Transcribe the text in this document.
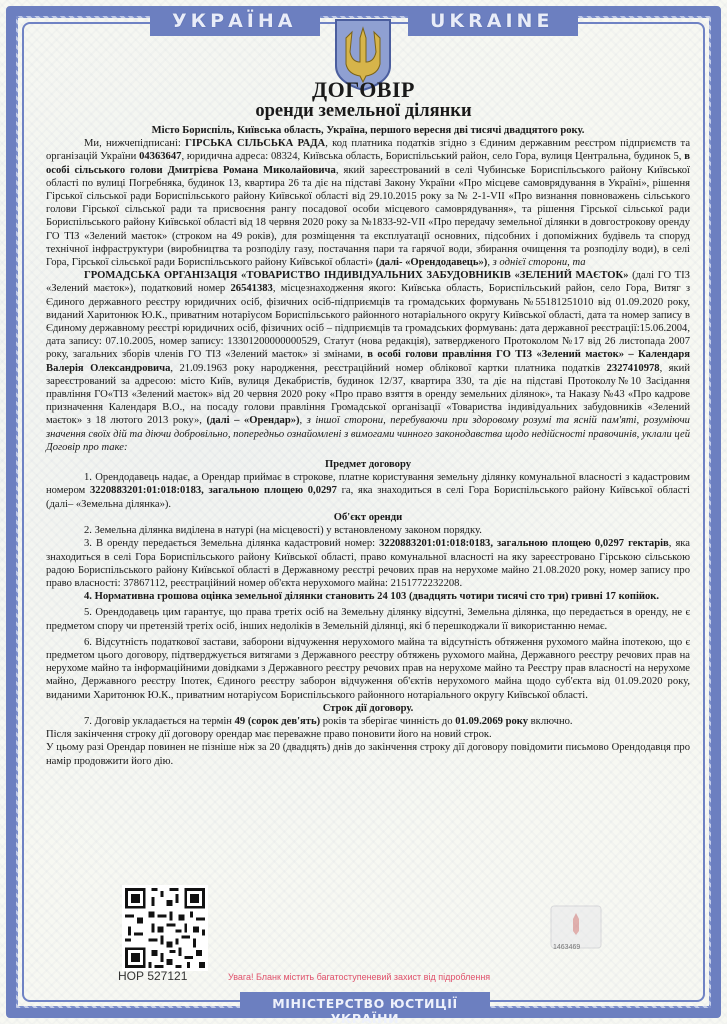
УКРАЇНА	UKRAINE
ДОГОВІР
оренди земельної ділянки

Місто Бориспіль, Київська область, Україна, першого вересня дві тисячі двадцятого року.

Ми, нижчепідписані: ГІРСЬКА СІЛЬСЬКА РАДА, код платника податків згідно з Єдиним державним реєстром підприємств та організацій України 04363647, юридична адреса: 08324, Київська область, Бориспільський район, село Гора, вулиця Центральна, будинок 5, в особі сільського голови Дмитрієва Романа Миколайовича, який зареєстрований в селі Чубинське Бориспільського району Київської області по вулиці Погребняка, будинок 13, квартира 26 та діє на підставі Закону України «Про місцеве самоврядування в Україні», рішення Гірської сільської ради Бориспільського району Київської області від 29.10.2015 року за № 2-1-VII «Про визнання повноважень сільського голови Гірської сільської ради та присвоєння рангу посадової особи місцевого самоврядування», та рішення Гірської сільської ради Бориспільського району Київської області від 18 червня 2020 року за №1833-92-VII «Про передачу земельної ділянки в довгострокову оренду ГО ТІЗ «Зелений маєток» (строком на 49 років), для розміщення та експлуатації основних, підсобних і допоміжних будівель та споруд технічної інфраструктури (виробництва та розподілу газу, постачання пари та гарячої води, збирання очищення та розподілу води), в селі Гора, Гірської сільської ради Бориспільського району Київської області» (далі- «Орендодавець»), з однієї сторони, та

ГРОМАДСЬКА ОРГАНІЗАЦІЯ «ТОВАРИСТВО ІНДИВІДУАЛЬНИХ ЗАБУДОВНИКІВ «ЗЕЛЕНИЙ МАЄТОК» (далі ГО ТІЗ «Зелений маєток»), податковий номер 26541383, місцезнаходження якого: Київська область, Бориспільський район, село Гора, Витяг з Єдиного державного реєстру юридичних осіб, фізичних осіб-підприємців та громадських формувань №55181251010 від 01.09.2020 року, виданий Харитонюк Ю.К., приватним нотаріусом Бориспільського районного нотаріального округу Київської області, дата та номер запису в Єдиному державному реєстрі юридичних осіб, фізичних осіб – підприємців та громадських формувань: дата державної реєстрації:15.06.2004, дата запису: 07.10.2005, номер запису: 13301200000000529, Статут (нова редакція), затвердженого Протоколом №17 від 26 листопада 2007 року, загальних зборів членів ГО ТІЗ «Зелений маєток» зі змінами, в особі голови правління ГО ТІЗ «Зелений маєток» – Календаря Валерія Олександровича, 21.09.1963 року народження, реєстраційний номер облікової картки платника податків 2327410978, який зареєстрований за адресою: місто Київ, вулиця Декабристів, будинок 12/37, квартира 330, та діє на підставі Протоколу№10 Засідання правління ГО«ТІЗ «Зелений маєток» від 20 червня 2020 року «Про право взяття в оренду земельних ділянок», та Наказу №43 «Про кадрове призначення Календаря В.О., на посаду голови правління Громадської організації «Товариства індивідуальних забудовників «Зелений маєток» з 18 лютого 2013 року», (далі – «Орендар»), з іншої сторони, перебуваючи при здоровому розумі та ясній пам'яті, розуміючи значення своїх дій та діючи добровільно, попередньо ознайомлені з вимогами чинного законодавства щодо недійсності правочинів, уклали цей Договір про таке:

Предмет договору

1. Орендодавець надає, а Орендар приймає в строкове, платне користування земельну ділянку комунальної власності з кадастровим номером 3220883201:01:018:0183, загальною площею 0,0297 га, яка знаходиться в селі Гора Бориспільського району Київської області (далі– «Земельна ділянка»).

Об'єкт оренди

2. Земельна ділянка виділена в натурі (на місцевості) у встановленому законом порядку.

3. В оренду передається Земельна ділянка кадастровий номер: 3220883201:01:018:0183, загальною площею 0,0297 гектарів, яка знаходиться в селі Гора Бориспільського району Київської області, право комунальної власності на яку зареєстровано Гірською сільською радою Бориспільського району Київської області в Державному реєстрі речових прав на нерухоме майно 21.08.2020 року, номер запису про право власності: 37867112, реєстраційний номер об'єкта нерухомого майна: 2151772232208.

4. Нормативна грошова оцінка земельної ділянки становить 24 103 (двадцять чотири тисячі сто три) гривні 17 копійок.

5. Орендодавець цим гарантує, що права третіх осіб на Земельну ділянку відсутні, Земельна ділянка, що передається в оренду, не є предметом спору чи претензій третіх осіб, інших недоліків в Земельній ділянці, які б перешкоджали її використанню немає.

6. Відсутність податкової застави, заборони відчуження нерухомого майна та відсутність обтяження рухомого майна іпотекою, що є предметом цього договору, підтверджується витягами з Державного реєстру обтяжень рухомого майна, Державного реєстру речових прав на нерухоме майно та інформаційними довідками з Державного реєстру речових прав на нерухоме майно та Реєстру прав власності на нерухоме майно, Державного реєстру Іпотек, Єдиного реєстру заборон відчуження об'єктів нерухомого майна щодо суб'єкта від 01.09.2020 року, виданими Харитонюк Ю.К., приватним нотаріусом Бориспільського районного нотаріального округу Київської області.

Строк дії договору.

7. Договір укладається на термін 49 (сорок дев'ять) років та зберігає чинність до 01.09.2069 року включно.

Після закінчення строку дії договору орендар має переважне право поновити його на новий строк.

У цьому разі Орендар повинен не пізніше ніж за 20 (двадцять) днів до закінчення строку дії договору повідомити письмово Орендодавця про намір продовжити його дію.

НОР 527121	Увага! Бланк містить багатоступеневий захист від підроблення
1463469
МІНІСТЕРСТВО ЮСТИЦІЇ УКРАЇНИ
